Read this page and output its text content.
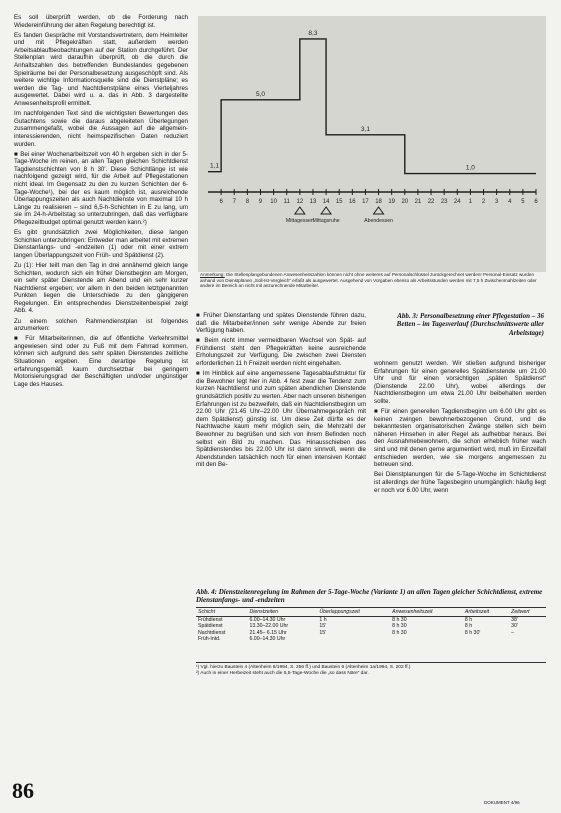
Es soll überprüft werden, ob die Forderung nach Wiedereinführung der alten Regelung berechtigt ist.

Es fanden Gespräche mit Vorstandsvertretern, dem Heimleiter und mit Pflegekräften statt, außerdem werden Arbeitsablaufbeobachtungen auf der Station durchgeführt. Der Stellenplan wird daraufhin überprüft, ob die durch die Anhaltszahlen des betreffenden Bundeslandes gegebenen Spielräume bei der Personalbesetzung ausgeschöpft sind. Als weitere wichtige Informationsquelle sind die Dienstpläne; es werden die Tag- und Nachtdienstpläne eines Vierteljahres ausgewertet. Dabei wird u. a. das in Abb. 3 dargestellte Anwesenheitsprofil ermittelt.

Im nachfolgenden Text sind die wichtigsten Bewertungen des Gutachtens sowie die daraus abgeleiteten Überlegungen zusammengefaßt, wobei die Aussagen auf die allgemein-interessierenden, nicht heimspezifischen Daten reduziert wurden.

■ Bei einer Wochenarbeitszeit von 40 h ergeben sich in der 5-Tage-Woche im reinen, an allen Tagen gleichen Schichtdienst Tagdienstschichten von 8 h 30'. Diese Schichtlänge ist wie nachfolgend gezeigt wird, für die Arbeit auf Pflegestationen nicht ideal. Im Gegensatz zu den zu kurzen Schichten der 6-Tage-Woche¹), bei der es kaum möglich ist, ausreichende Überlappungszeiten als auch Nachtdienste von maximal 10 h Länge zu realisieren – sind 6,5-h-Schichten in E zu lang, um sie im 24-h-Arbeitstag so unterzubringen, daß das verfügbare Pflegezeitbudget optimal genutzt werden kann.²)

Es gibt grundsätzlich zwei Möglichkeiten, diese langen Schichten unterzubringen: Entweder man arbeitet mit extremen Dienstanfangs- und -endzeiten (1) oder mit einer extrem langen Überlappungszeit von Früh- und Spätdienst (2).

Zu (1): Hier teilt man den Tag in drei annähernd gleich lange Schichten, wodurch sich ein früher Dienstbeginn am Morgen, ein sehr später Dienstende am Abend und ein sehr kurzer Nachtdienst ergeben; vor allem in den beiden letztgenannten Punkten liegen die Unterschiede zu den gängigeren Regelungen. Ein entsprechendes Dienstzeitenbeispiel zeigt Abb. 4.

Zu einem solchen Rahmendienstplan ist folgendes anzumerken:

■ Für Mitarbeiterinnen, die auf öffentliche Verkehrsmittel angewiesen sind oder zu Fuß mit dem Fahrrad kommen, können sich aufgrund des sehr späten Dienstendes zeitliche Situationen ergeben. Eine derartige Regelung ist erfahrungsgemäß kaum durchsetzbar bei geringem Motorisierungsgrad der Beschäftigten und/oder ungünstiger Lage des Hauses.

6 7 8 9 10 11 12 13 14 15 16 17 18 19 20 21 22 23 24 1 2 3 4 5 6
1,1
5,0
8,3
3,1
1,0
Mittagessen
Mittagsruhe	Abendessen
Anmerkung: Die Stellenplangebundenen Anwesenheitszahlen können nicht ohne weiteres auf Personalschlüssel zurückgerechnet werden! Personal-Einsatz wurden anhand von Dienstplänen „Soll-Ist-Vergleich“ erfaßt als ausgewertet. Ausgehend von Vorgaben ebenso als Arbeitsstunden werden mit 7,5 h Zwischenmahlzeiten oder andere im Bereich an nicht mit anzurechnende Mitarbeiter.

■ Früher Dienstanfang und spätes Dienstende führen dazu, daß die Mitarbeiter/innen sehr wenige Abende zur freien Verfügung haben.

■ Beim nicht immer vermeidbaren Wechsel von Spät- auf Frühdienst steht den Pflegekräften keine ausreichende Erholungszeit zur Verfügung. Die zwischen zwei Diensten erforderlichen 11 h Freizeit werden nicht eingehalten.

■ Im Hinblick auf eine angemessene Tagesablaufstruktur für die Bewohner legt hier in Abb. 4 fest zwar die Tendenz zum kurzen Nachtdienst und zum späten abendlichen Dienstende grundsätzlich positiv zu werten. Aber nach unseren bisherigen Erfahrungen ist zu bezweifeln, daß ein Nachtdienstbeginn um 22.00 Uhr (21.45 Uhr–22.00 Uhr Übernahmegespräch mit dem Spätdienst) günstig ist. Um diese Zeit dürfte es der Nachtwache kaum mehr möglich sein, die Mehrzahl der Bewohner zu begrüßen und sich von ihrem Befinden noch selbst ein Bild zu machen. Das Hinausschieben des Spätdienstendes bis 22.00 Uhr ist dann sinnvoll, wenn die Abendstunden tatsächlich noch für einen intensiven Kontakt mit den Be-

Abb. 3: Personalbesetzung einer Pflegestation – 36 Betten – im Tagesverlauf (Durchschnittswerte aller Arbeitstage)

wohnern genutzt werden. Wir stießen aufgrund bisheriger Erfahrungen für einen generelles Spätdienstende um 21.00 Uhr und für einen vorsichtigen „späten Spätdienst“ (Dienstende 22.00 Uhr), wobei allerdings der Nachtdienstbeginn um etwa 21.00 Uhr beibehalten werden sollte.

■ Für einen generellen Tagdienstbeginn um 6.00 Uhr gibt es keinen zwingen bewohnerbezogenen Grund, und die bekanntesten organisatorischen Zwänge stellen sich beim näheren Hinsehen in aller Regel als aufhebbar heraus. Bei den Ausnahmebewohnern, die schon erheblich früher wach sind und mit denen gerne argumentiert wird, muß im Einzelfall entschieden werden, wie sie morgens angemessen zu betreuen sind.

Bei Dienstplanungen für die 5-Tage-Woche im Schichtdienst ist allerdings der frühe Tagesbeginn unumgänglich: häufig liegt er noch vor 6.00 Uhr, wenn

Abb. 4: Dienstzeitenregelung im Rahmen der 5-Tage-Woche (Variante 1) an allen Tagen gleicher Schichtdienst, extreme Dienstanfangs- und -endzeiten
Schicht	Dienstzeiten	Überlappungszeit	Anwesenheitszeit	Arbeitszeit	Zeitwert
Frühdienst	6.00–14.30 Uhr	1 h	8 h 30	8 h	38'
Spätdienst	13.30–22.00 Uhr	15'	8 h 30	8 h	30'
Nachtdienst	21.45– 6.15 Uhr	15'	8 h 30	8 h 30'	–
Früh-Intd.	6.00–14.30 Uhr				
¹) Vgl. hierzu Baustein 4 (Altenheim 6/1994, S. 256 ff.) und Baustein 6 (Altenheim 1a/1994, S. 202 ff.)
²) Auch in einer Herbeizeit steht auch die 5,5-Tage-Woche die „so dass Näre“ dar.
86	DOKUMENT 4/96
